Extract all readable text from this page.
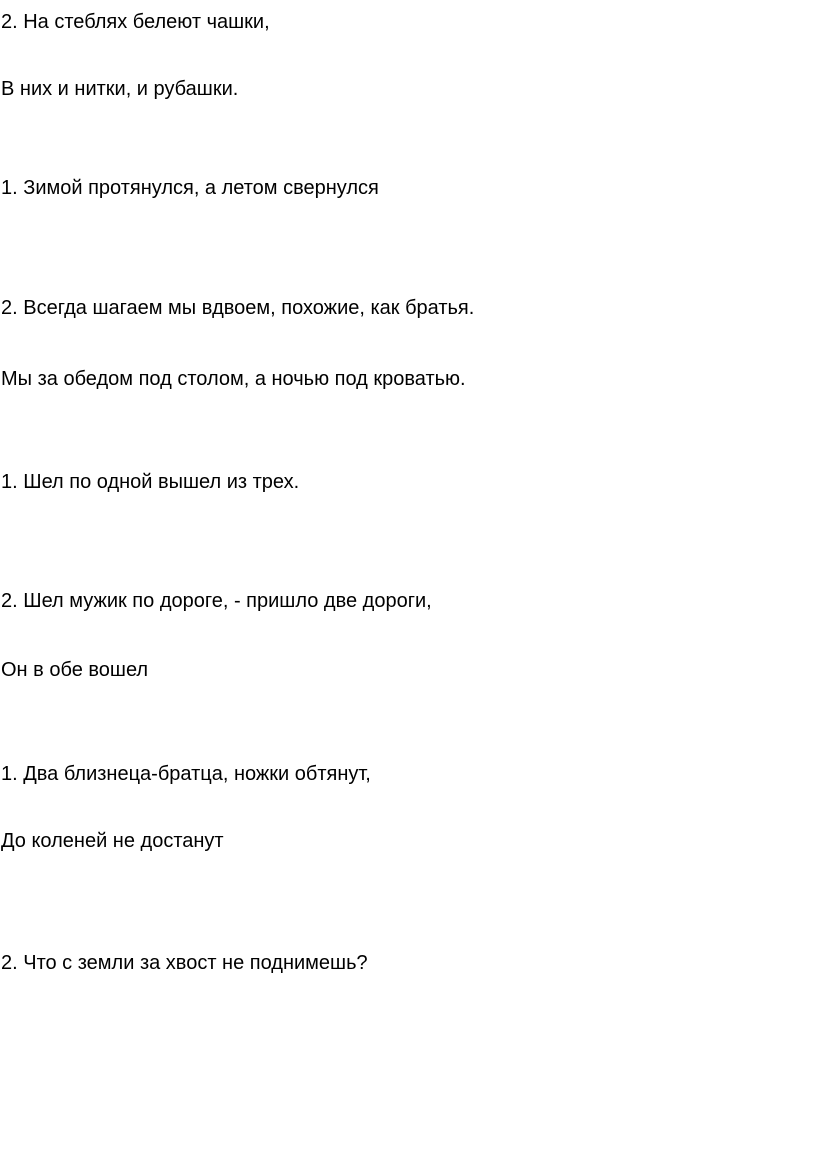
2. На стеблях белеют чашки,
В них и нитки, и рубашки.
1. Зимой протянулся, а летом свернулся
2. Всегда шагаем мы вдвоем, похожие, как братья.
Мы за обедом под столом, а ночью под кроватью.
1. Шел по одной вышел из трех.
2. Шел мужик по дороге, - пришло две дороги,
Он в обе вошел
1. Два близнеца-братца, ножки обтянут,
До коленей не достанут
2. Что с земли за хвост не поднимешь?
